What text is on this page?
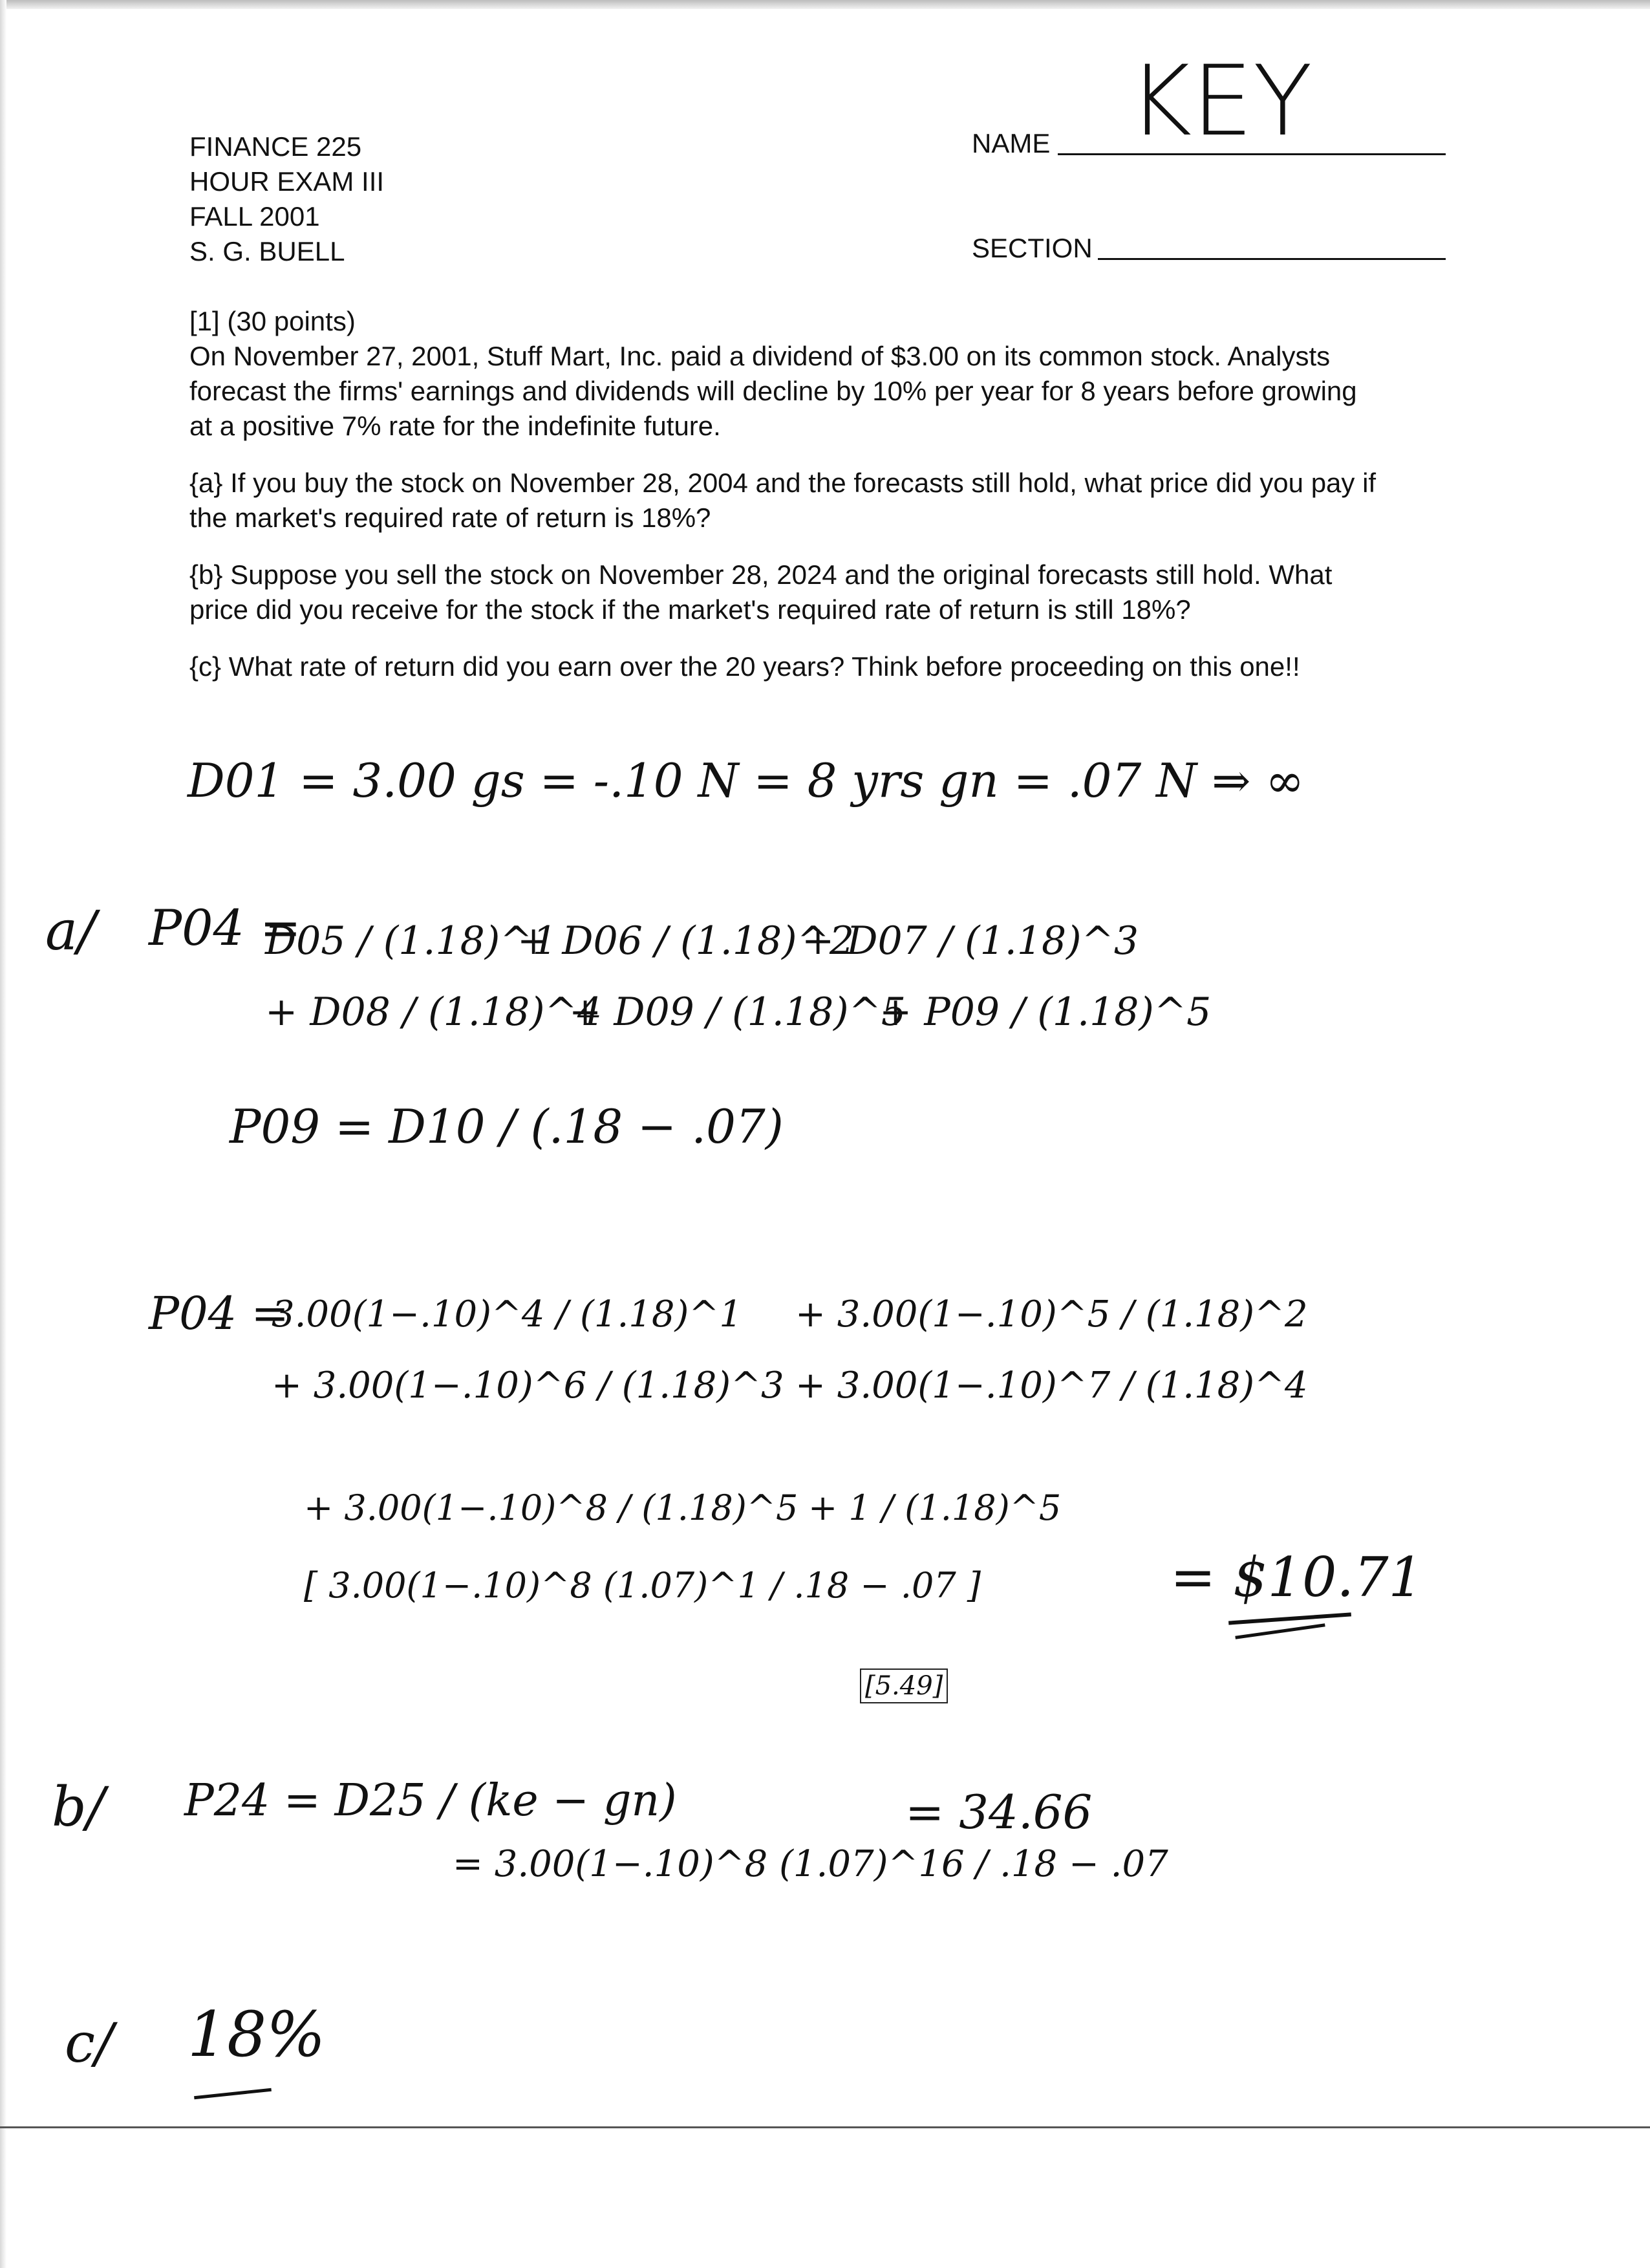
FINANCE 225
HOUR EXAM III
FALL 2001
S. G. BUELL
NAME KEY
SECTION

[1] (30 points)

On November 27, 2001, Stuff Mart, Inc. paid a dividend of $3.00 on its common stock. Analysts

forecast the firms' earnings and dividends will decline by 10% per year for 8 years before growing

at a positive 7% rate for the indefinite future.

{a} If you buy the stock on November 28, 2004 and the forecasts still hold, what price did you pay if

the market's required rate of return is 18%?

{b} Suppose you sell the stock on November 28, 2024 and the original forecasts still hold. What

price did you receive for the stock if the market's required rate of return is still 18%?

{c} What rate of return did you earn over the 20 years? Think before proceeding on this one!!

D01 = 3.00 gs = -.10 N = 8 yrs gn = .07 N ⇒ ∞
a/ P04 =
D05 / (1.18)^1
+ D06 / (1.18)^2
+ D07 / (1.18)^3
+ D08 / (1.18)^4
+ D09 / (1.18)^5
+ P09 / (1.18)^5
P09 = D10 / (.18 − .07)
P04 =
3.00(1−.10)^4 / (1.18)^1 + 3.00(1−.10)^5 / (1.18)^2
+ 3.00(1−.10)^6 / (1.18)^3 + 3.00(1−.10)^7 / (1.18)^4
+ 3.00(1−.10)^8 / (1.18)^5 + 1 / (1.18)^5
[ 3.00(1−.10)^8 (1.07)^1 / .18 − .07 ]	= $10.71
[5.49]
b/ P24 = D25 / (ke − gn)
= 3.00(1−.10)^8 (1.07)^16 / .18 − .07
= 34.66
c/ 18%
